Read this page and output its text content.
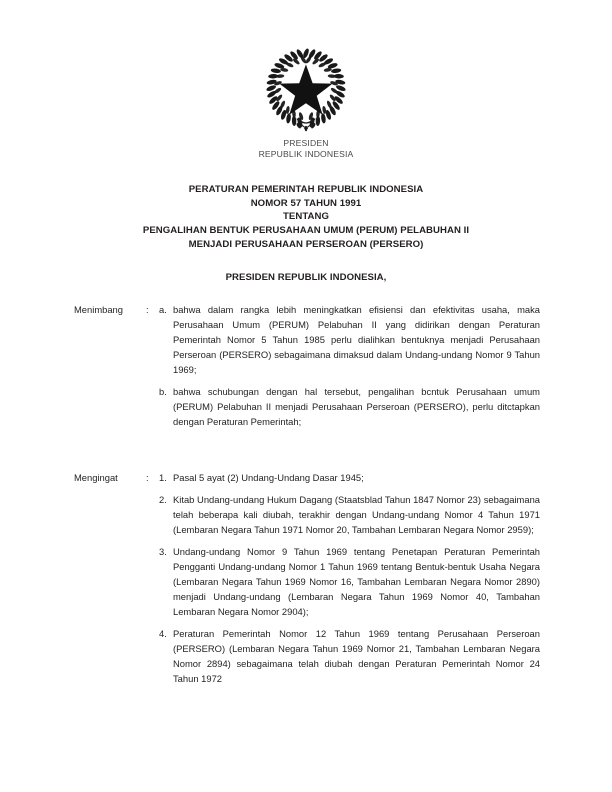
PRESIDEN
REPUBLIK INDONESIA
PERATURAN PEMERINTAH REPUBLIK INDONESIA
NOMOR 57 TAHUN 1991
TENTANG
PENGALIHAN BENTUK PERUSAHAAN UMUM (PERUM) PELABUHAN II
MENJADI PERUSAHAAN PERSEROAN (PERSERO)
PRESIDEN REPUBLIK INDONESIA,
Menimbang	:	a. bahwa dalam rangka lebih meningkatkan efisiensi dan efektivitas usaha, maka Perusahaan Umum (PERUM) Pelabuhan II yang didirikan dengan Peraturan Pemerintah Nomor 5 Tahun 1985 perlu dialihkan bentuknya menjadi Perusahaan Perseroan (PERSERO) sebagaimana dimaksud dalam Undang-undang Nomor 9 Tahun 1969;
b. bahwa schubungan dengan hal tersebut, pengalihan bcntuk Perusahaan umum (PERUM) Pelabuhan II menjadi Perusahaan Perseroan (PERSERO), perlu ditctapkan dengan Peraturan Pemerintah;
Mengingat	:	1. Pasal 5 ayat (2) Undang-Undang Dasar 1945;
2. Kitab Undang-undang Hukum Dagang (Staatsblad Tahun 1847 Nomor 23) sebagaimana telah beberapa kali diubah, terakhir dengan Undang-undang Nomor 4 Tahun 1971 (Lembaran Negara Tahun 1971 Nomor 20, Tambahan Lembaran Negara Nomor 2959);
3. Undang-undang Nomor 9 Tahun 1969 tentang Penetapan Peraturan Pemerintah Pengganti Undang-undang Nomor 1 Tahun 1969 tentang Bentuk-bentuk Usaha Negara (Lembaran Negara Tahun 1969 Nomor 16, Tambahan Lembaran Negara Nomor 2890) menjadi Undang-undang (Lembaran Negara Tahun 1969 Nomor 40, Tambahan Lembaran Negara Nomor 2904);
4. Peraturan Pemerintah Nomor 12 Tahun 1969 tentang Perusahaan Perseroan (PERSERO) (Lembaran Negara Tahun 1969 Nomor 21, Tambahan Lembaran Negara Nomor 2894) sebagaimana telah diubah dengan Peraturan Pemerintah Nomor 24 Tahun 1972
